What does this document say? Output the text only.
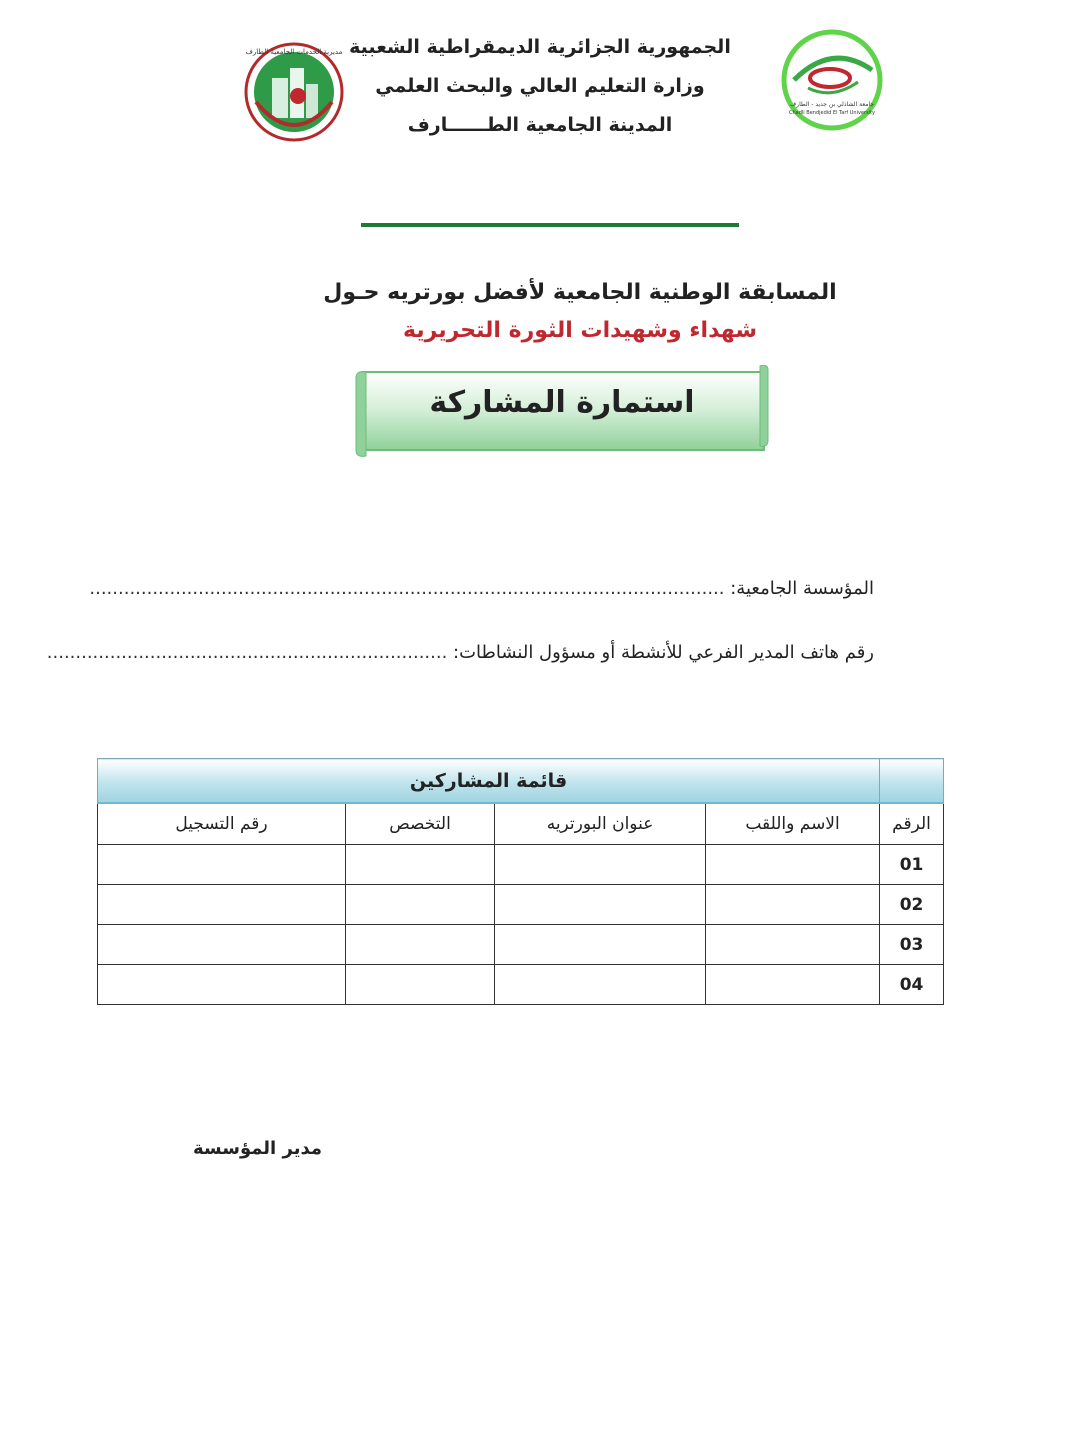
مديرية الخدمات الجامعية الطارف
جامعة الشاذلي بن جديد - الطارف
Chadli Bendjedid El Tarf University
الجمهورية الجزائرية الديمقراطية الشعبية
وزارة التعليم العالي والبحث العلمي
المدينة الجامعية الطــــــارف
المسابقة الوطنية الجامعية لأفضل بورتريه حـول
شهداء وشهيدات الثورة التحريرية
استمارة المشاركة
المؤسسة الجامعية: ...............................................................................................................
رقم هاتف المدير الفرعي للأنشطة أو مسؤول النشاطات: ......................................................................
	قائمة المشاركين			
الرقم	الاسم واللقب	عنوان البورتريه	التخصص	رقم التسجيل
01				
02				
03				
04				
مدير المؤسسة
